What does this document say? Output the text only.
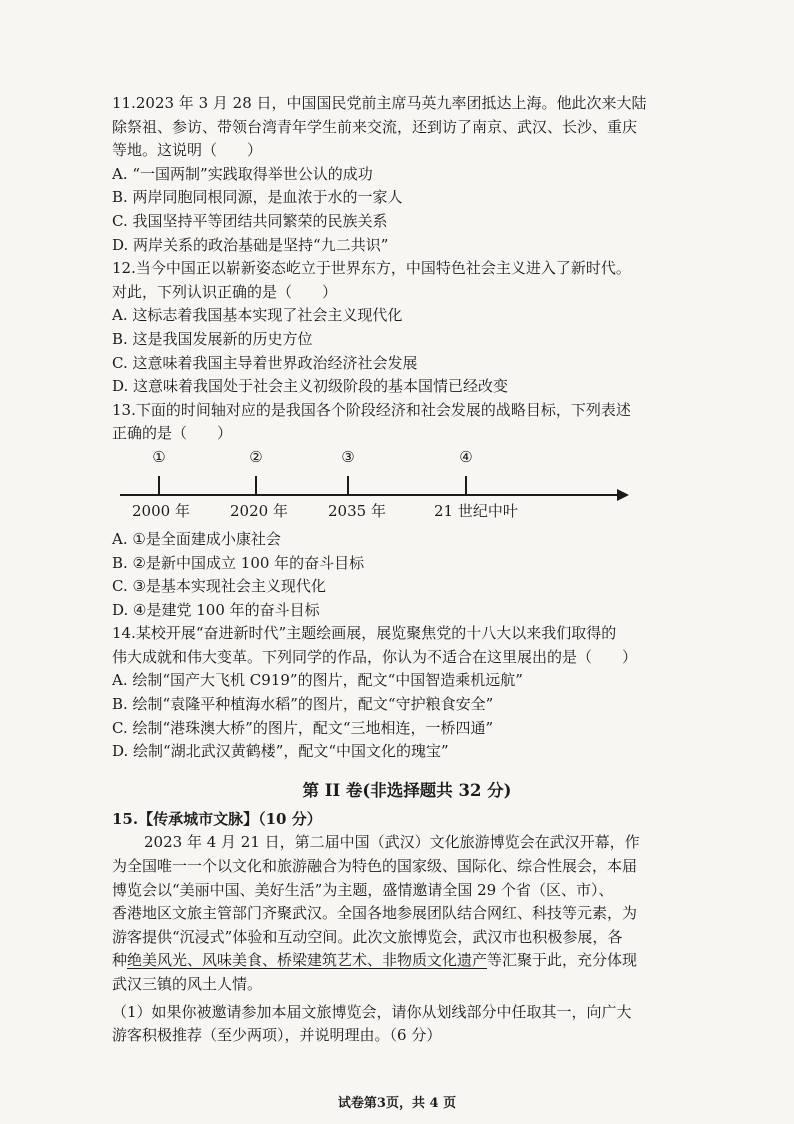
11.2023 年 3 月 28 日，中国国民党前主席马英九率团抵达上海。他此次来大陆
除祭祖、参访、带领台湾青年学生前来交流，还到访了南京、武汉、长沙、重庆
等地。这说明（　　）
A. “一国两制”实践取得举世公认的成功
B. 两岸同胞同根同源，是血浓于水的一家人
C. 我国坚持平等团结共同繁荣的民族关系
D. 两岸关系的政治基础是坚持“九二共识”
12.当今中国正以崭新姿态屹立于世界东方，中国特色社会主义进入了新时代。
对此，下列认识正确的是（　　）
A. 这标志着我国基本实现了社会主义现代化
B. 这是我国发展新的历史方位
C. 这意味着我国主导着世界政治经济社会发展
D. 这意味着我国处于社会主义初级阶段的基本国情已经改变
13.下面的时间轴对应的是我国各个阶段经济和社会发展的战略目标，下列表述
正确的是（　　）
①
2000 年
②
2020 年
③
2035 年
④
21 世纪中叶
A. ①是全面建成小康社会
B. ②是新中国成立 100 年的奋斗目标
C. ③是基本实现社会主义现代化
D. ④是建党 100 年的奋斗目标
14.某校开展“奋进新时代”主题绘画展，展览聚焦党的十八大以来我们取得的
伟大成就和伟大变革。下列同学的作品，你认为不适合在这里展出的是（　　）
A. 绘制“国产大飞机 C919”的图片，配文“中国智造乘机远航”
B. 绘制“袁隆平种植海水稻”的图片，配文“守护粮食安全”
C. 绘制“港珠澳大桥”的图片，配文“三地相连，一桥四通”
D. 绘制“湖北武汉黄鹤楼”，配文“中国文化的瑰宝”
第 II 卷(非选择题共 32 分)
15.【传承城市文脉】（10 分）
2023 年 4 月 21 日，第二届中国（武汉）文化旅游博览会在武汉开幕，作
为全国唯一一个以文化和旅游融合为特色的国家级、国际化、综合性展会，本届
博览会以“美丽中国、美好生活”为主题，盛情邀请全国 29 个省（区、市）、
香港地区文旅主管部门齐聚武汉。全国各地参展团队结合网红、科技等元素，为
游客提供“沉浸式”体验和互动空间。此次文旅博览会，武汉市也积极参展，各
种绝美风光、风味美食、桥梁建筑艺术、非物质文化遗产等汇聚于此，充分体现
武汉三镇的风土人情。
（1）如果你被邀请参加本届文旅博览会，请你从划线部分中任取其一，向广大
游客积极推荐（至少两项），并说明理由。（6 分）
试卷第3页，共 4 页
